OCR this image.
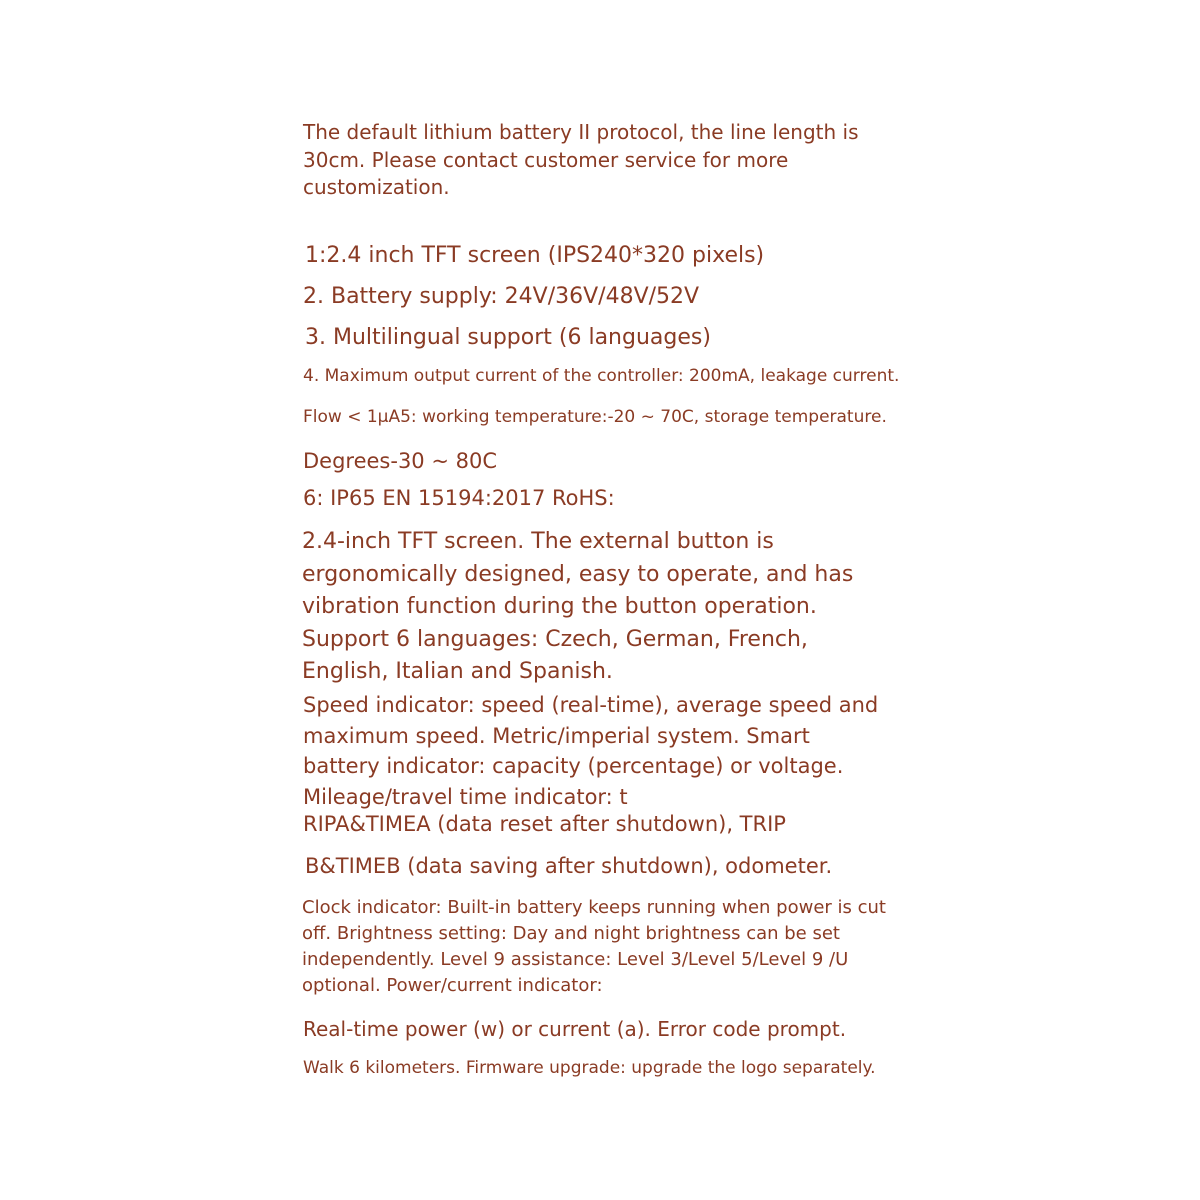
The default lithium battery II protocol, the line length is 30cm. Please contact customer service for more customization.

1:2.4 inch TFT screen (IPS240*320 pixels)

2. Battery supply: 24V/36V/48V/52V

3. Multilingual support (6 languages)

4. Maximum output current of the controller: 200mA, leakage current.

Flow < 1μA5: working temperature:-20 ~ 70C, storage temperature.

Degrees-30 ~ 80C

6: IP65 EN 15194:2017 RoHS:

2.4-inch TFT screen. The external button is ergonomically designed, easy to operate, and has vibration function during the button operation. Support 6 languages: Czech, German, French, English, Italian and Spanish.

Speed indicator: speed (real-time), average speed and maximum speed. Metric/imperial system. Smart battery indicator: capacity (percentage) or voltage. Mileage/travel time indicator: t

RIPA&TIMEA (data reset after shutdown), TRIP

B&TIMEB (data saving after shutdown), odometer.

Clock indicator: Built-in battery keeps running when power is cut off. Brightness setting: Day and night brightness can be set independently. Level 9 assistance: Level 3/Level 5/Level 9 /U optional. Power/current indicator:

Real-time power (w) or current (a). Error code prompt.

Walk 6 kilometers. Firmware upgrade: upgrade the logo separately.
